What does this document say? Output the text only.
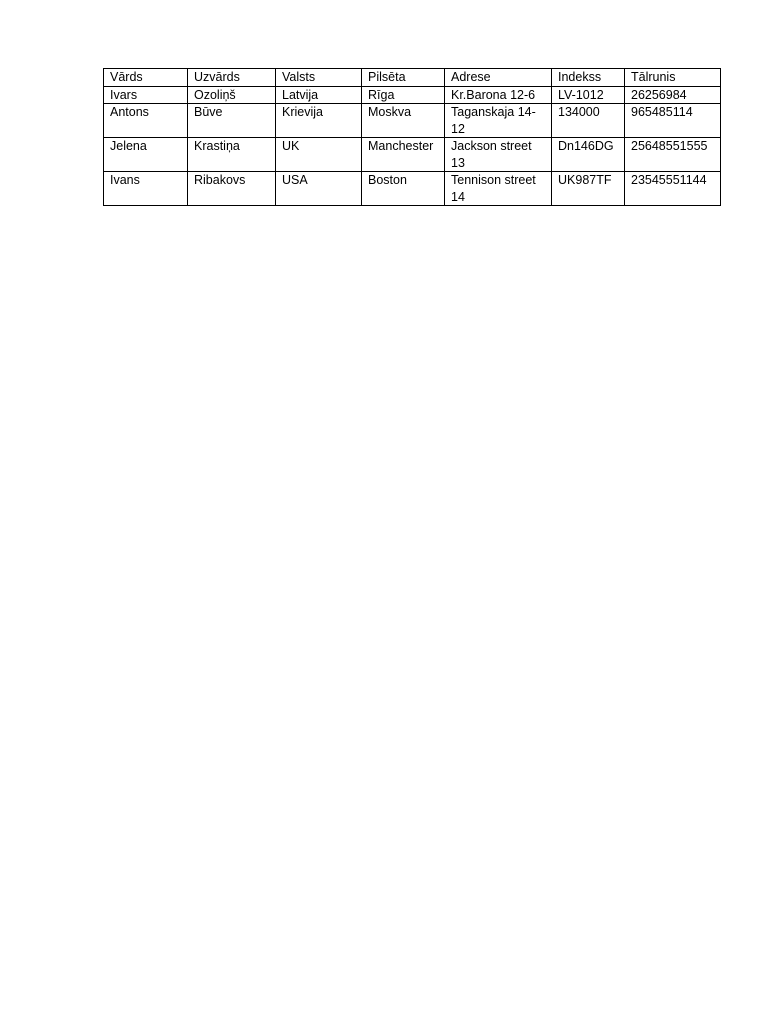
Vārds	Uzvārds	Valsts	Pilsēta	Adrese	Indekss	Tālrunis
Ivars	Ozoliņš	Latvija	Rīga	Kr.Barona 12-6	LV-1012	26256984
Antons	Būve	Krievija	Moskva	Taganskaja 14-12	134000	965485114
Jelena	Krastiņa	UK	Manchester	Jackson street 13	Dn146DG	25648551555
Ivans	Ribakovs	USA	Boston	Tennison street 14	UK987TF	23545551144
